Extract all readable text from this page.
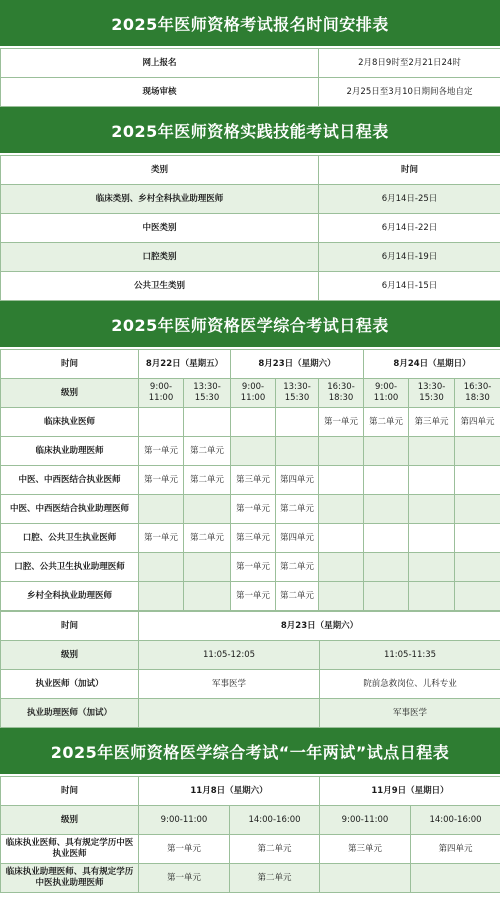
2025年医师资格考试报名时间安排表
网上报名	2月8日9时至2月21日24时
现场审核	2月25日至3月10日期间各地自定
2025年医师资格实践技能考试日程表
类别	时间
临床类别、乡村全科执业助理医师	6月14日-25日
中医类别	6月14日-22日
口腔类别	6月14日-19日
公共卫生类别	6月14日-15日
2025年医师资格医学综合考试日程表
时间	8月22日（星期五）		8月23日（星期六）			8月24日（星期日）		
级别	9:00-11:00	13:30-15:30	9:00-11:00	13:30-15:30	16:30-18:30	9:00-11:00	13:30-15:30	16:30-18:30
临床执业医师					第一单元	第二单元	第三单元	第四单元
临床执业助理医师	第一单元	第二单元						
中医、中西医结合执业医师	第一单元	第二单元	第三单元	第四单元				
中医、中西医结合执业助理医师			第一单元	第二单元				
口腔、公共卫生执业医师	第一单元	第二单元	第三单元	第四单元				
口腔、公共卫生执业助理医师			第一单元	第二单元				
乡村全科执业助理医师			第一单元	第二单元				
时间	8月23日（星期六）	
级别	11:05-12:05	11:05-11:35
执业医师（加试）	军事医学	院前急救岗位、儿科专业
执业助理医师（加试）		军事医学
2025年医师资格医学综合考试“一年两试”试点日程表
时间	11月8日（星期六）		11月9日（星期日）	
级别	9:00-11:00	14:00-16:00	9:00-11:00	14:00-16:00
临床执业医师、具有规定学历中医执业医师	第一单元	第二单元	第三单元	第四单元
临床执业助理医师、具有规定学历中医执业助理医师	第一单元	第二单元		
